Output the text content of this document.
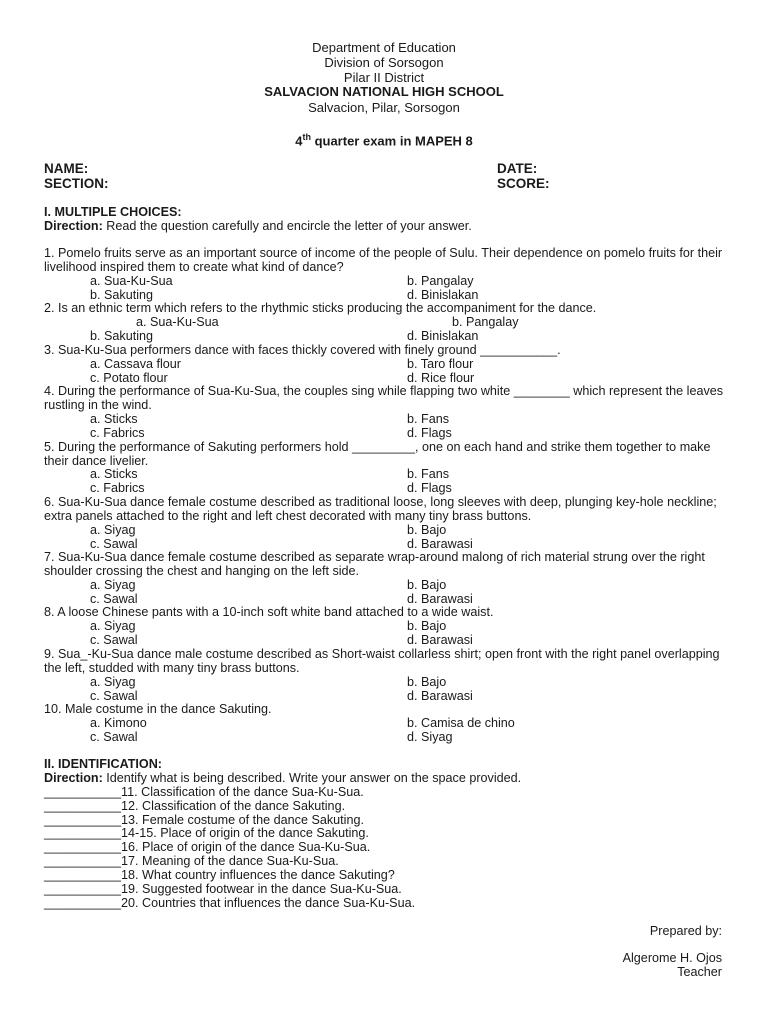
Department of Education
Division of Sorsogon
Pilar II District
SALVACION NATIONAL HIGH SCHOOL
Salvacion, Pilar, Sorsogon
4th quarter exam in MAPEH 8
NAME:	DATE:
SECTION:	SCORE:
I. MULTIPLE CHOICES:
Direction: Read the question carefully and encircle the letter of your answer.
1. Pomelo fruits serve as an important source of income of the people of Sulu. Their dependence on pomelo fruits for their livelihood inspired them to create what kind of dance?
a. Sua-Ku-Sua	b. Pangalay
b. Sakuting	d. Binislakan
2. Is an ethnic term which refers to the rhythmic sticks producing the accompaniment for the dance.
a. Sua-Ku-Sua	b. Pangalay
b. Sakuting	d. Binislakan
3. Sua-Ku-Sua performers dance with faces thickly covered with finely ground ___________.
a. Cassava flour	b. Taro flour
c. Potato flour	d. Rice flour
4. During the performance of Sua-Ku-Sua, the couples sing while flapping two white ________ which represent the leaves rustling in the wind.
a. Sticks	b. Fans
c. Fabrics	d. Flags
5. During the performance of Sakuting performers hold _________, one on each hand and strike them together to make their dance livelier.
a. Sticks	b. Fans
c. Fabrics	d. Flags
6. Sua-Ku-Sua dance female costume described as traditional loose, long sleeves with deep, plunging key-hole neckline; extra panels attached to the right and left chest decorated with many tiny brass buttons.
a. Siyag	b. Bajo
c. Sawal	d. Barawasi
7. Sua-Ku-Sua dance female costume described as separate wrap-around malong of rich material strung over the right shoulder crossing the chest and hanging on the left side.
a. Siyag	b. Bajo
c. Sawal	d. Barawasi
8. A loose Chinese pants with a 10-inch soft white band attached to a wide waist.
a. Siyag	b. Bajo
c. Sawal	d. Barawasi
9. Sua_-Ku-Sua dance male costume described as Short-waist collarless shirt; open front with the right panel overlapping the left, studded with many tiny brass buttons.
a. Siyag	b. Bajo
c. Sawal	d. Barawasi
10. Male costume in the dance Sakuting.
a. Kimono	b. Camisa de chino
c. Sawal	d. Siyag
II. IDENTIFICATION:
Direction: Identify what is being described. Write your answer on the space provided.
___________11. Classification of the dance Sua-Ku-Sua.
___________12. Classification of the dance Sakuting.
___________13. Female costume of the dance Sakuting.
___________14-15. Place of origin of the dance Sakuting.
___________16. Place of origin of the dance Sua-Ku-Sua.
___________17. Meaning of the dance Sua-Ku-Sua.
___________18. What country influences the dance Sakuting?
___________19. Suggested footwear in the dance Sua-Ku-Sua.
___________20. Countries that influences the dance Sua-Ku-Sua.
Prepared by:
Algerome H. Ojos
Teacher
